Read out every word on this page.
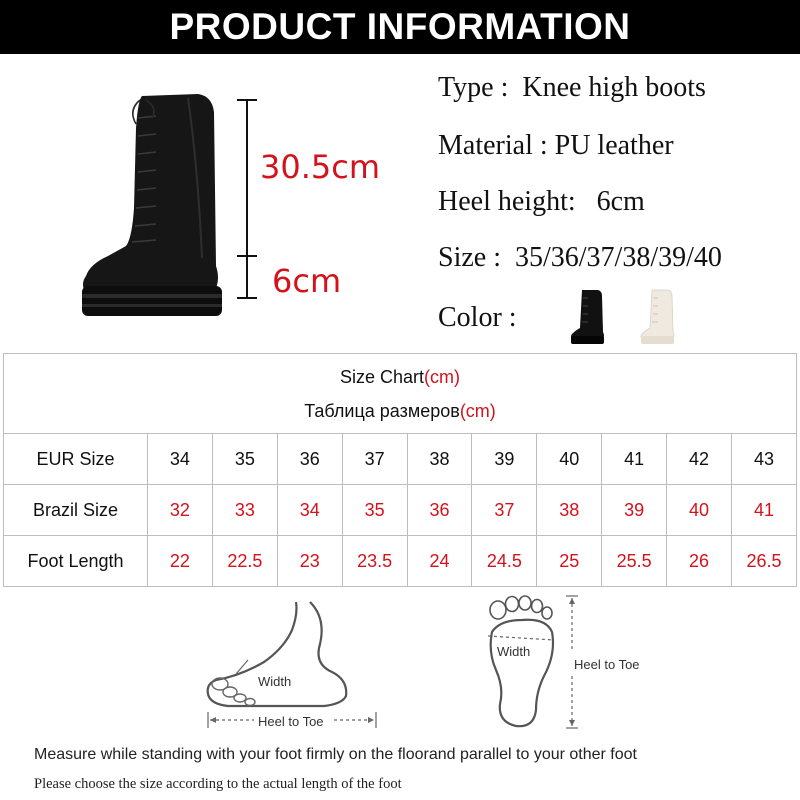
PRODUCT INFORMATION
30.5cm
6cm
Type : Knee high boots
Material : PU leather
Heel height: 6cm
Size : 35/36/37/38/39/40
Color :
Size Chart(cm)
Таблица размеров(cm)										

EUR Size	34	35	36	37	38	39	40	41	42	43
Brazil Size	32	33	34	35	36	37	38	39	40	41
Foot Length	22	22.5	23	23.5	24	24.5	25	25.5	26	26.5
Width
Heel to Toe
Width
Heel to Toe
Measure while standing with your foot firmly on the floorand parallel to your other foot
Please choose the size according to the actual length of the foot
